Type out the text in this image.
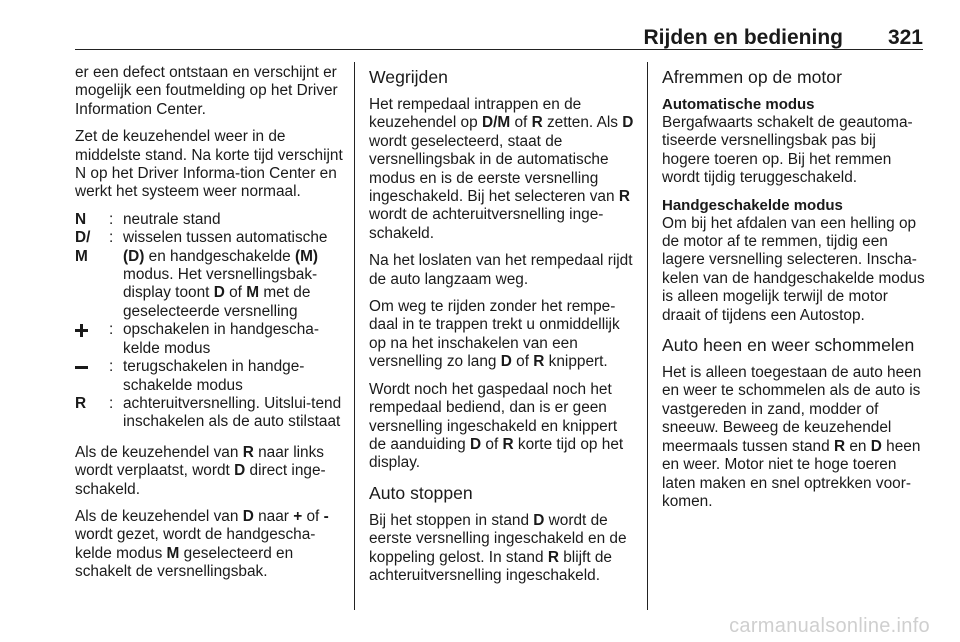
Rijden en bediening 321

er een defect ontstaan en verschijnt er mogelijk een foutmelding op het Driver Information Center.

Zet de keuzehendel weer in de middelste stand. Na korte tijd verschijnt N op het Driver Informa-tion Center en werkt het systeem weer normaal.

N	: neutrale stand
D/
M
: wisselen tussen automatische (D) en handgeschakelde (M) modus. Het versnellingsbak-display toont D of M met de geselecteerde versnelling
: opschakelen in handgescha-kelde modus
: terugschakelen in handge-schakelde modus
R	: achteruitversnelling. Uitslui-tend inschakelen als de auto stilstaat

Als de keuzehendel van R naar links wordt verplaatst, wordt D direct inge-schakeld.

Als de keuzehendel van D naar + of - wordt gezet, wordt de handgescha-kelde modus M geselecteerd en schakelt de versnellingsbak.

Wegrijden

Het rempedaal intrappen en de keuzehendel op D/M of R zetten. Als D wordt geselecteerd, staat de versnellingsbak in de automatische modus en is de eerste versnelling ingeschakeld. Bij het selecteren van R wordt de achteruitversnelling inge-schakeld.

Na het loslaten van het rempedaal rijdt de auto langzaam weg.

Om weg te rijden zonder het rempe-daal in te trappen trekt u onmiddellijk op na het inschakelen van een versnelling zo lang D of R knippert.

Wordt noch het gaspedaal noch het rempedaal bediend, dan is er geen versnelling ingeschakeld en knippert de aanduiding D of R korte tijd op het display.

Auto stoppen

Bij het stoppen in stand D wordt de eerste versnelling ingeschakeld en de koppeling gelost. In stand R blijft de achteruitversnelling ingeschakeld.

Afremmen op de motor
Automatische modus

Bergafwaarts schakelt de geautoma-tiseerde versnellingsbak pas bij hogere toeren op. Bij het remmen wordt tijdig teruggeschakeld.

Handgeschakelde modus

Om bij het afdalen van een helling op de motor af te remmen, tijdig een lagere versnelling selecteren. Inscha-kelen van de handgeschakelde modus is alleen mogelijk terwijl de motor draait of tijdens een Autostop.

Auto heen en weer schommelen

Het is alleen toegestaan de auto heen en weer te schommelen als de auto is vastgereden in zand, modder of sneeuw. Beweeg de keuzehendel meermaals tussen stand R en D heen en weer. Motor niet te hoge toeren laten maken en snel optrekken voor-komen.

carmanualsonline.info
